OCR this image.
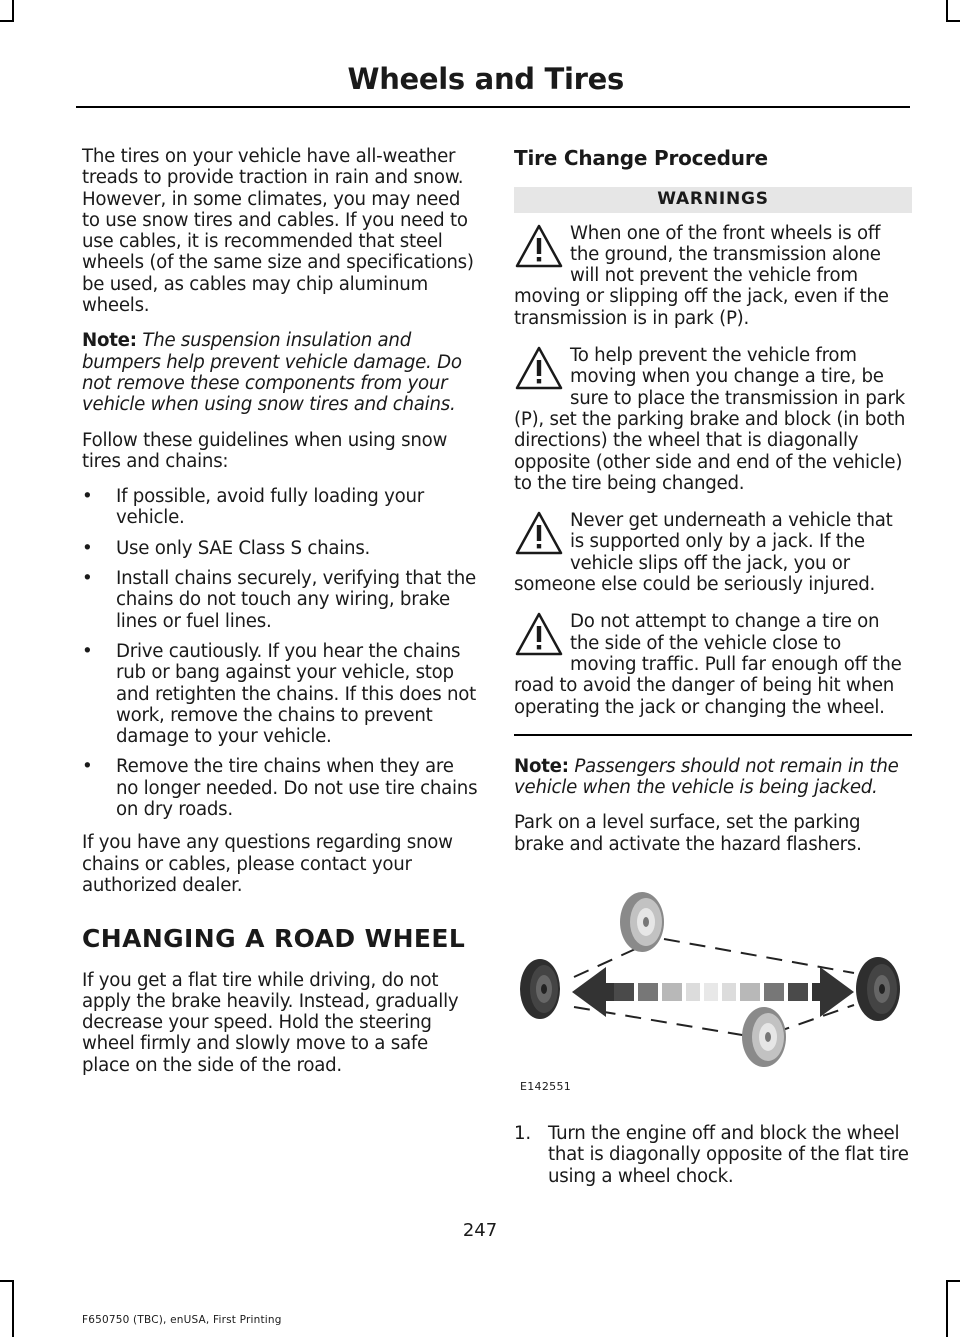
Wheels and Tires

The tires on your vehicle have all-weather treads to provide traction in rain and snow. However, in some climates, you may need to use snow tires and cables. If you need to use cables, it is recommended that steel wheels (of the same size and specifications) be used, as cables may chip aluminum wheels.

Note: The suspension insulation and bumpers help prevent vehicle damage. Do not remove these components from your vehicle when using snow tires and chains.

Follow these guidelines when using snow tires and chains:

• If possible, avoid fully loading your vehicle.
• Use only SAE Class S chains.
• Install chains securely, verifying that the chains do not touch any wiring, brake lines or fuel lines.
• Drive cautiously. If you hear the chains rub or bang against your vehicle, stop and retighten the chains. If this does not work, remove the chains to prevent damage to your vehicle.
• Remove the tire chains when they are no longer needed. Do not use tire chains on dry roads.

If you have any questions regarding snow chains or cables, please contact your authorized dealer.

CHANGING A ROAD WHEEL

If you get a flat tire while driving, do not apply the brake heavily. Instead, gradually decrease your speed. Hold the steering wheel firmly and slowly move to a safe place on the side of the road.

Tire Change Procedure
WARNINGS
When one of the front wheels is off the ground, the transmission alone will not prevent the vehicle from moving or slipping off the jack, even if the transmission is in park (P).
To help prevent the vehicle from moving when you change a tire, be sure to place the transmission in park (P), set the parking brake and block (in both directions) the wheel that is diagonally opposite (other side and end of the vehicle) to the tire being changed.
Never get underneath a vehicle that is supported only by a jack. If the vehicle slips off the jack, you or someone else could be seriously injured.
Do not attempt to change a tire on the side of the vehicle close to moving traffic. Pull far enough off the road to avoid the danger of being hit when operating the jack or changing the wheel.

Note: Passengers should not remain in the vehicle when the vehicle is being jacked.

Park on a level surface, set the parking brake and activate the hazard flashers.

E142551
1. Turn the engine off and block the wheel that is diagonally opposite of the flat tire using a wheel chock.
247
F650750 (TBC), enUSA, First Printing
